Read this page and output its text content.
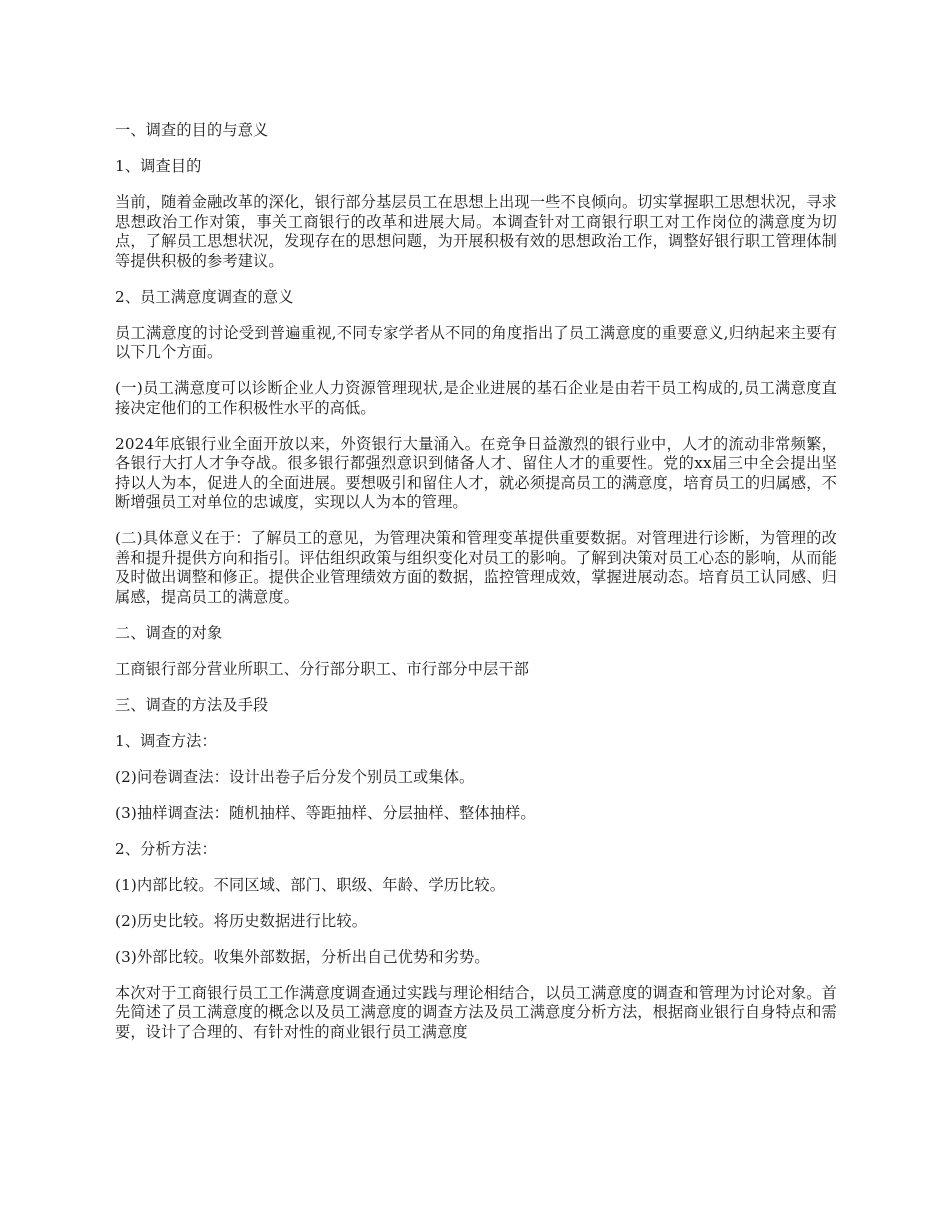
一、调查的目的与意义

1、调查目的

当前，随着金融改革的深化，银行部分基层员工在思想上出现一些不良倾向。切实掌握职工思想状况，寻求思想政治工作对策，事关工商银行的改革和进展大局。本调查针对工商银行职工对工作岗位的满意度为切点，了解员工思想状况，发现存在的思想问题，为开展积极有效的思想政治工作，调整好银行职工管理体制等提供积极的参考建议。

2、员工满意度调查的意义

员工满意度的讨论受到普遍重视,不同专家学者从不同的角度指出了员工满意度的重要意义,归纳起来主要有以下几个方面。

(一)员工满意度可以诊断企业人力资源管理现状,是企业进展的基石企业是由若干员工构成的,员工满意度直接决定他们的工作积极性水平的高低。

2024年底银行业全面开放以来，外资银行大量涌入。在竞争日益激烈的银行业中，人才的流动非常频繁，各银行大打人才争夺战。很多银行都强烈意识到储备人才、留住人才的重要性。党的xx届三中全会提出坚持以人为本，促进人的全面进展。要想吸引和留住人才，就必须提高员工的满意度，培育员工的归属感，不断增强员工对单位的忠诚度，实现以人为本的管理。

(二)具体意义在于：了解员工的意见，为管理决策和管理变革提供重要数据。对管理进行诊断，为管理的改善和提升提供方向和指引。评估组织政策与组织变化对员工的影响。了解到决策对员工心态的影响，从而能及时做出调整和修正。提供企业管理绩效方面的数据，监控管理成效，掌握进展动态。培育员工认同感、归属感，提高员工的满意度。

二、调查的对象

工商银行部分营业所职工、分行部分职工、市行部分中层干部

三、调查的方法及手段

1、调查方法：

(2)问卷调查法：设计出卷子后分发个别员工或集体。

(3)抽样调查法：随机抽样、等距抽样、分层抽样、整体抽样。

2、分析方法：

(1)内部比较。不同区域、部门、职级、年龄、学历比较。

(2)历史比较。将历史数据进行比较。

(3)外部比较。收集外部数据，分析出自己优势和劣势。

本次对于工商银行员工工作满意度调查通过实践与理论相结合，以员工满意度的调查和管理为讨论对象。首先简述了员工满意度的概念以及员工满意度的调查方法及员工满意度分析方法，根据商业银行自身特点和需要，设计了合理的、有针对性的商业银行员工满意度
